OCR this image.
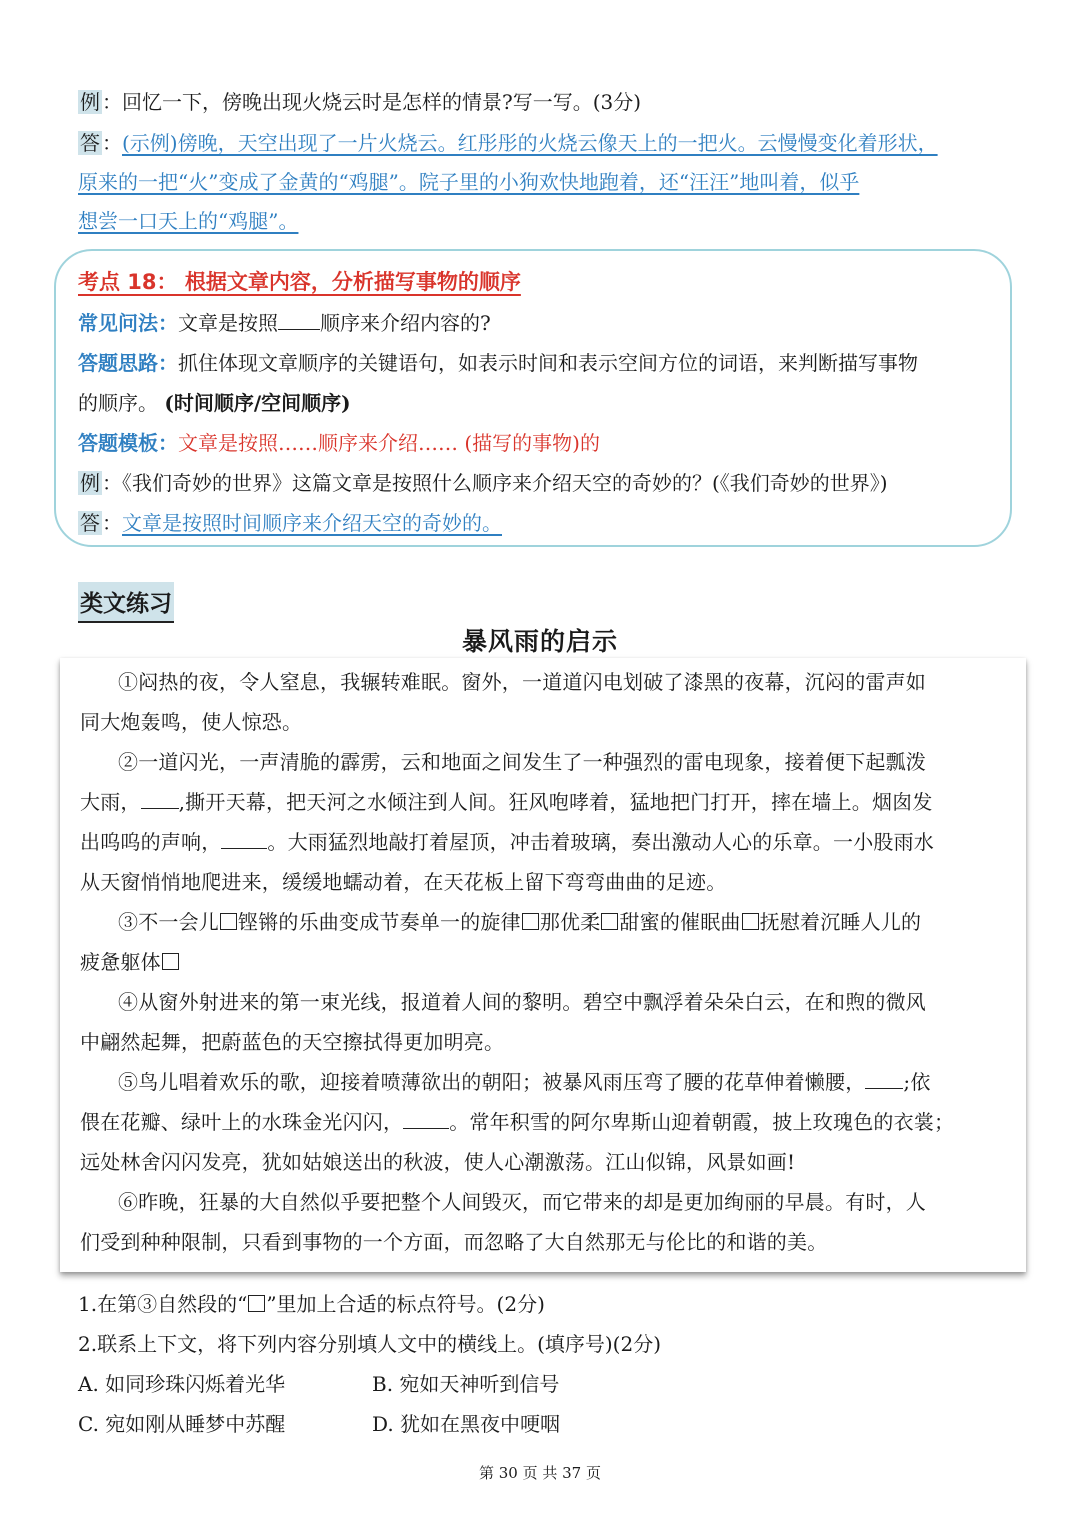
例 ：回忆一下，傍晚出现火烧云时是怎样的情景?写一写。(3分)
答 ：(示例)傍晚，天空出现了一片火烧云。红彤彤的火烧云像天上的一把火。云慢慢变化着形状，
原来的一把“火”变成了金黄的“鸡腿”。院子里的小狗欢快地跑着，还“汪汪”地叫着，似乎
想尝一口天上的“鸡腿”。
考点 18： 根据文章内容，分析描写事物的顺序
常见问法：文章是按照 顺序来介绍内容的?
答题思路：抓住体现文章顺序的关键语句，如表示时间和表示空间方位的词语，来判断描写事物
的顺序。 (时间顺序/空间顺序)
答题模板：文章是按照……顺序来介绍…… (描写的事物)的
例 ：《我们奇妙的世界》这篇文章是按照什么顺序来介绍天空的奇妙的？(《我们奇妙的世界》)
答 ：文章是按照时间顺序来介绍天空的奇妙的。
类文练习
暴风雨的启示
①闷热的夜，令人窒息，我辗转难眠。窗外，一道道闪电划破了漆黑的夜幕，沉闷的雷声如
同大炮轰鸣，使人惊恐。
②一道闪光，一声清脆的霹雳，云和地面之间发生了一种强烈的雷电现象，接着便下起瓢泼
大雨， ,撕开天幕，把天河之水倾注到人间。狂风咆哮着，猛地把门打开，摔在墙上。烟囱发
出呜呜的声响， 。大雨猛烈地敲打着屋顶，冲击着玻璃，奏出激动人心的乐章。一小股雨水
从天窗悄悄地爬进来，缓缓地蠕动着，在天花板上留下弯弯曲曲的足迹。
③不一会儿 铿锵的乐曲变成节奏单一的旋律 那优柔 甜蜜的催眠曲 抚慰着沉睡人儿的
疲惫躯体
④从窗外射进来的第一束光线，报道着人间的黎明。碧空中飘浮着朵朵白云，在和煦的微风
中翩然起舞，把蔚蓝色的天空擦拭得更加明亮。
⑤鸟儿唱着欢乐的歌，迎接着喷薄欲出的朝阳；被暴风雨压弯了腰的花草伸着懒腰， ;依
偎在花瓣、绿叶上的水珠金光闪闪， 。常年积雪的阿尔卑斯山迎着朝霞，披上玫瑰色的衣裳；
远处林舍闪闪发亮，犹如姑娘送出的秋波，使人心潮激荡。江山似锦，风景如画!
⑥昨晚，狂暴的大自然似乎要把整个人间毁灭，而它带来的却是更加绚丽的早晨。有时，人
们受到种种限制，只看到事物的一个方面，而忽略了大自然那无与伦比的和谐的美。
1.在第③自然段的“ ”里加上合适的标点符号。(2分)
2.联系上下文，将下列内容分别填人文中的横线上。(填序号)(2分)
A. 如同珍珠闪烁着光华	B. 宛如天神听到信号
C. 宛如刚从睡梦中苏醒	D. 犹如在黑夜中哽咽
第 30 页 共 37 页
